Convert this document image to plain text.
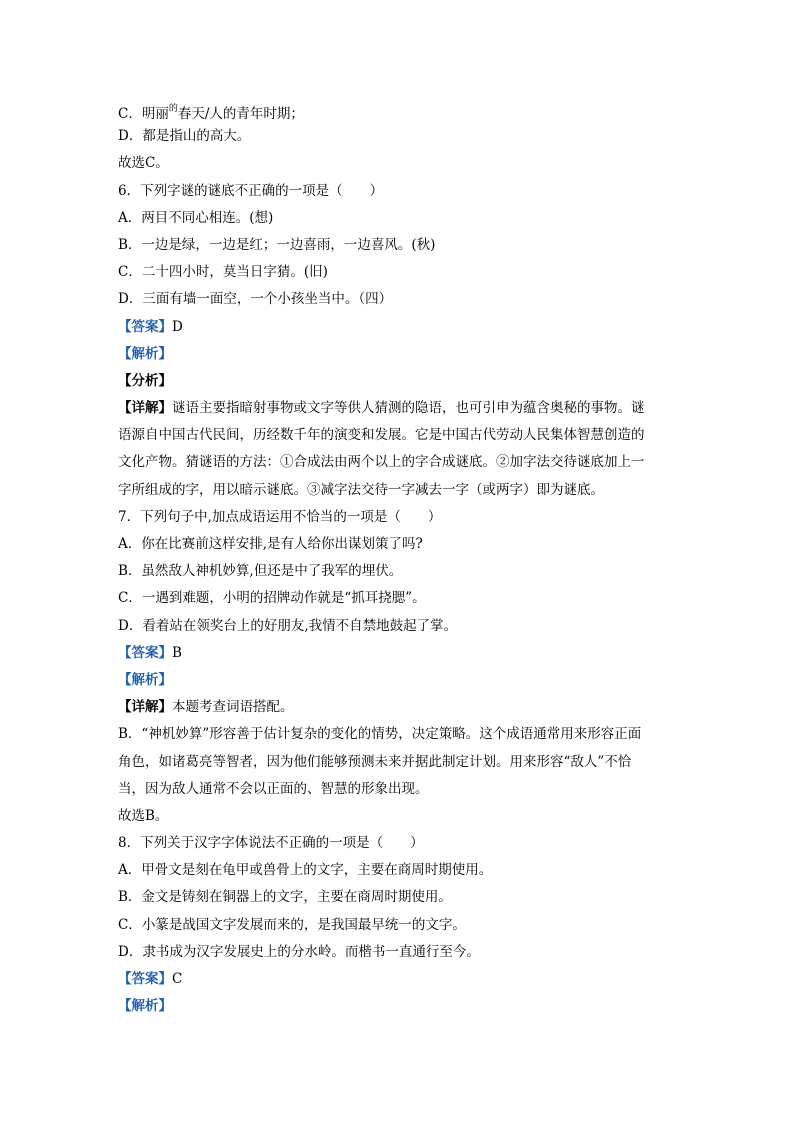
C．明丽$^的$春天/人的青年时期；

D．都是指山的高大。

故选C。

6．下列字谜的谜底不正确的一项是（　　）

A．两目不同心相连。(想)

B．一边是绿，一边是红；一边喜雨，一边喜风。(秋)

C．二十四小时，莫当日字猜。(旧)

D．三面有墙一面空，一个小孩坐当中。（四）

【答案】D

【解析】

【分析】

【详解】谜语主要指暗射事物或文字等供人猜测的隐语，也可引申为蕴含奥秘的事物。谜

语源自中国古代民间，历经数千年的演变和发展。它是中国古代劳动人民集体智慧创造的

文化产物。猜谜语的方法：①合成法由两个以上的字合成谜底。②加字法交待谜底加上一

字所组成的字，用以暗示谜底。③减字法交待一字减去一字（或两字）即为谜底。

7．下列句子中,加点成语运用不恰当的一项是（　　）

A．你在比赛前这样安排,是有人给你出谋划策了吗?

B．虽然敌人神机妙算,但还是中了我军的埋伏。

C．一遇到难题，小明的招牌动作就是“抓耳挠腮”。

D．看着站在领奖台上的好朋友,我情不自禁地鼓起了掌。

【答案】B

【解析】

【详解】本题考查词语搭配。

B．“神机妙算”形容善于估计复杂的变化的情势，决定策略。这个成语通常用来形容正面

角色，如诸葛亮等智者，因为他们能够预测未来并据此制定计划。用来形容“敌人”不恰

当，因为敌人通常不会以正面的、智慧的形象出现。

故选B。

8．下列关于汉字字体说法不正确的一项是（　　）

A．甲骨文是刻在龟甲或兽骨上的文字，主要在商周时期使用。

B．金文是铸刻在铜器上的文字，主要在商周时期使用。

C．小篆是战国文字发展而来的，是我国最早统一的文字。

D．隶书成为汉字发展史上的分水岭。而楷书一直通行至今。

【答案】C

【解析】
